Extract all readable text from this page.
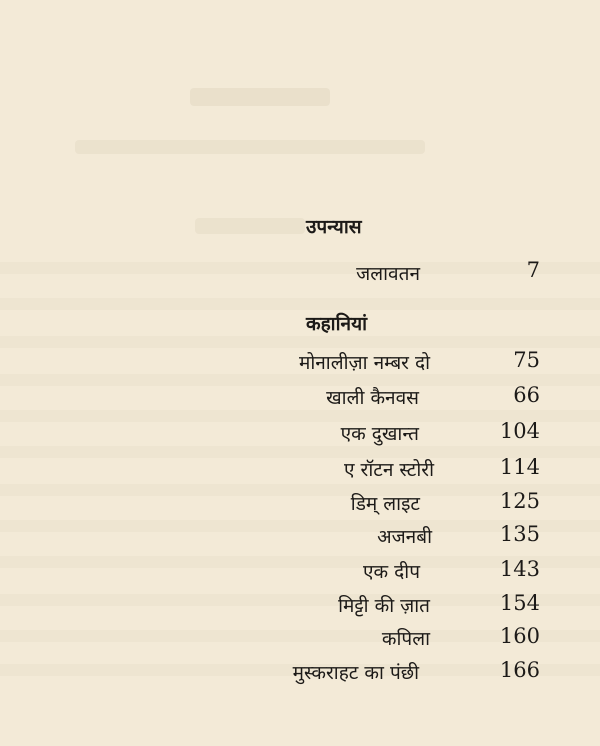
उपन्यास
जलावतन	7
कहानियां
मोनालीज़ा नम्बर दो	75
खाली कैनवस	66
एक दुखान्त	104
ए रॉटन स्टोरी	114
डिम् लाइट	125
अजनबी	135
एक दीप	143
मिट्टी की ज़ात	154
कपिला	160
मुस्कराहट का पंछी	166
